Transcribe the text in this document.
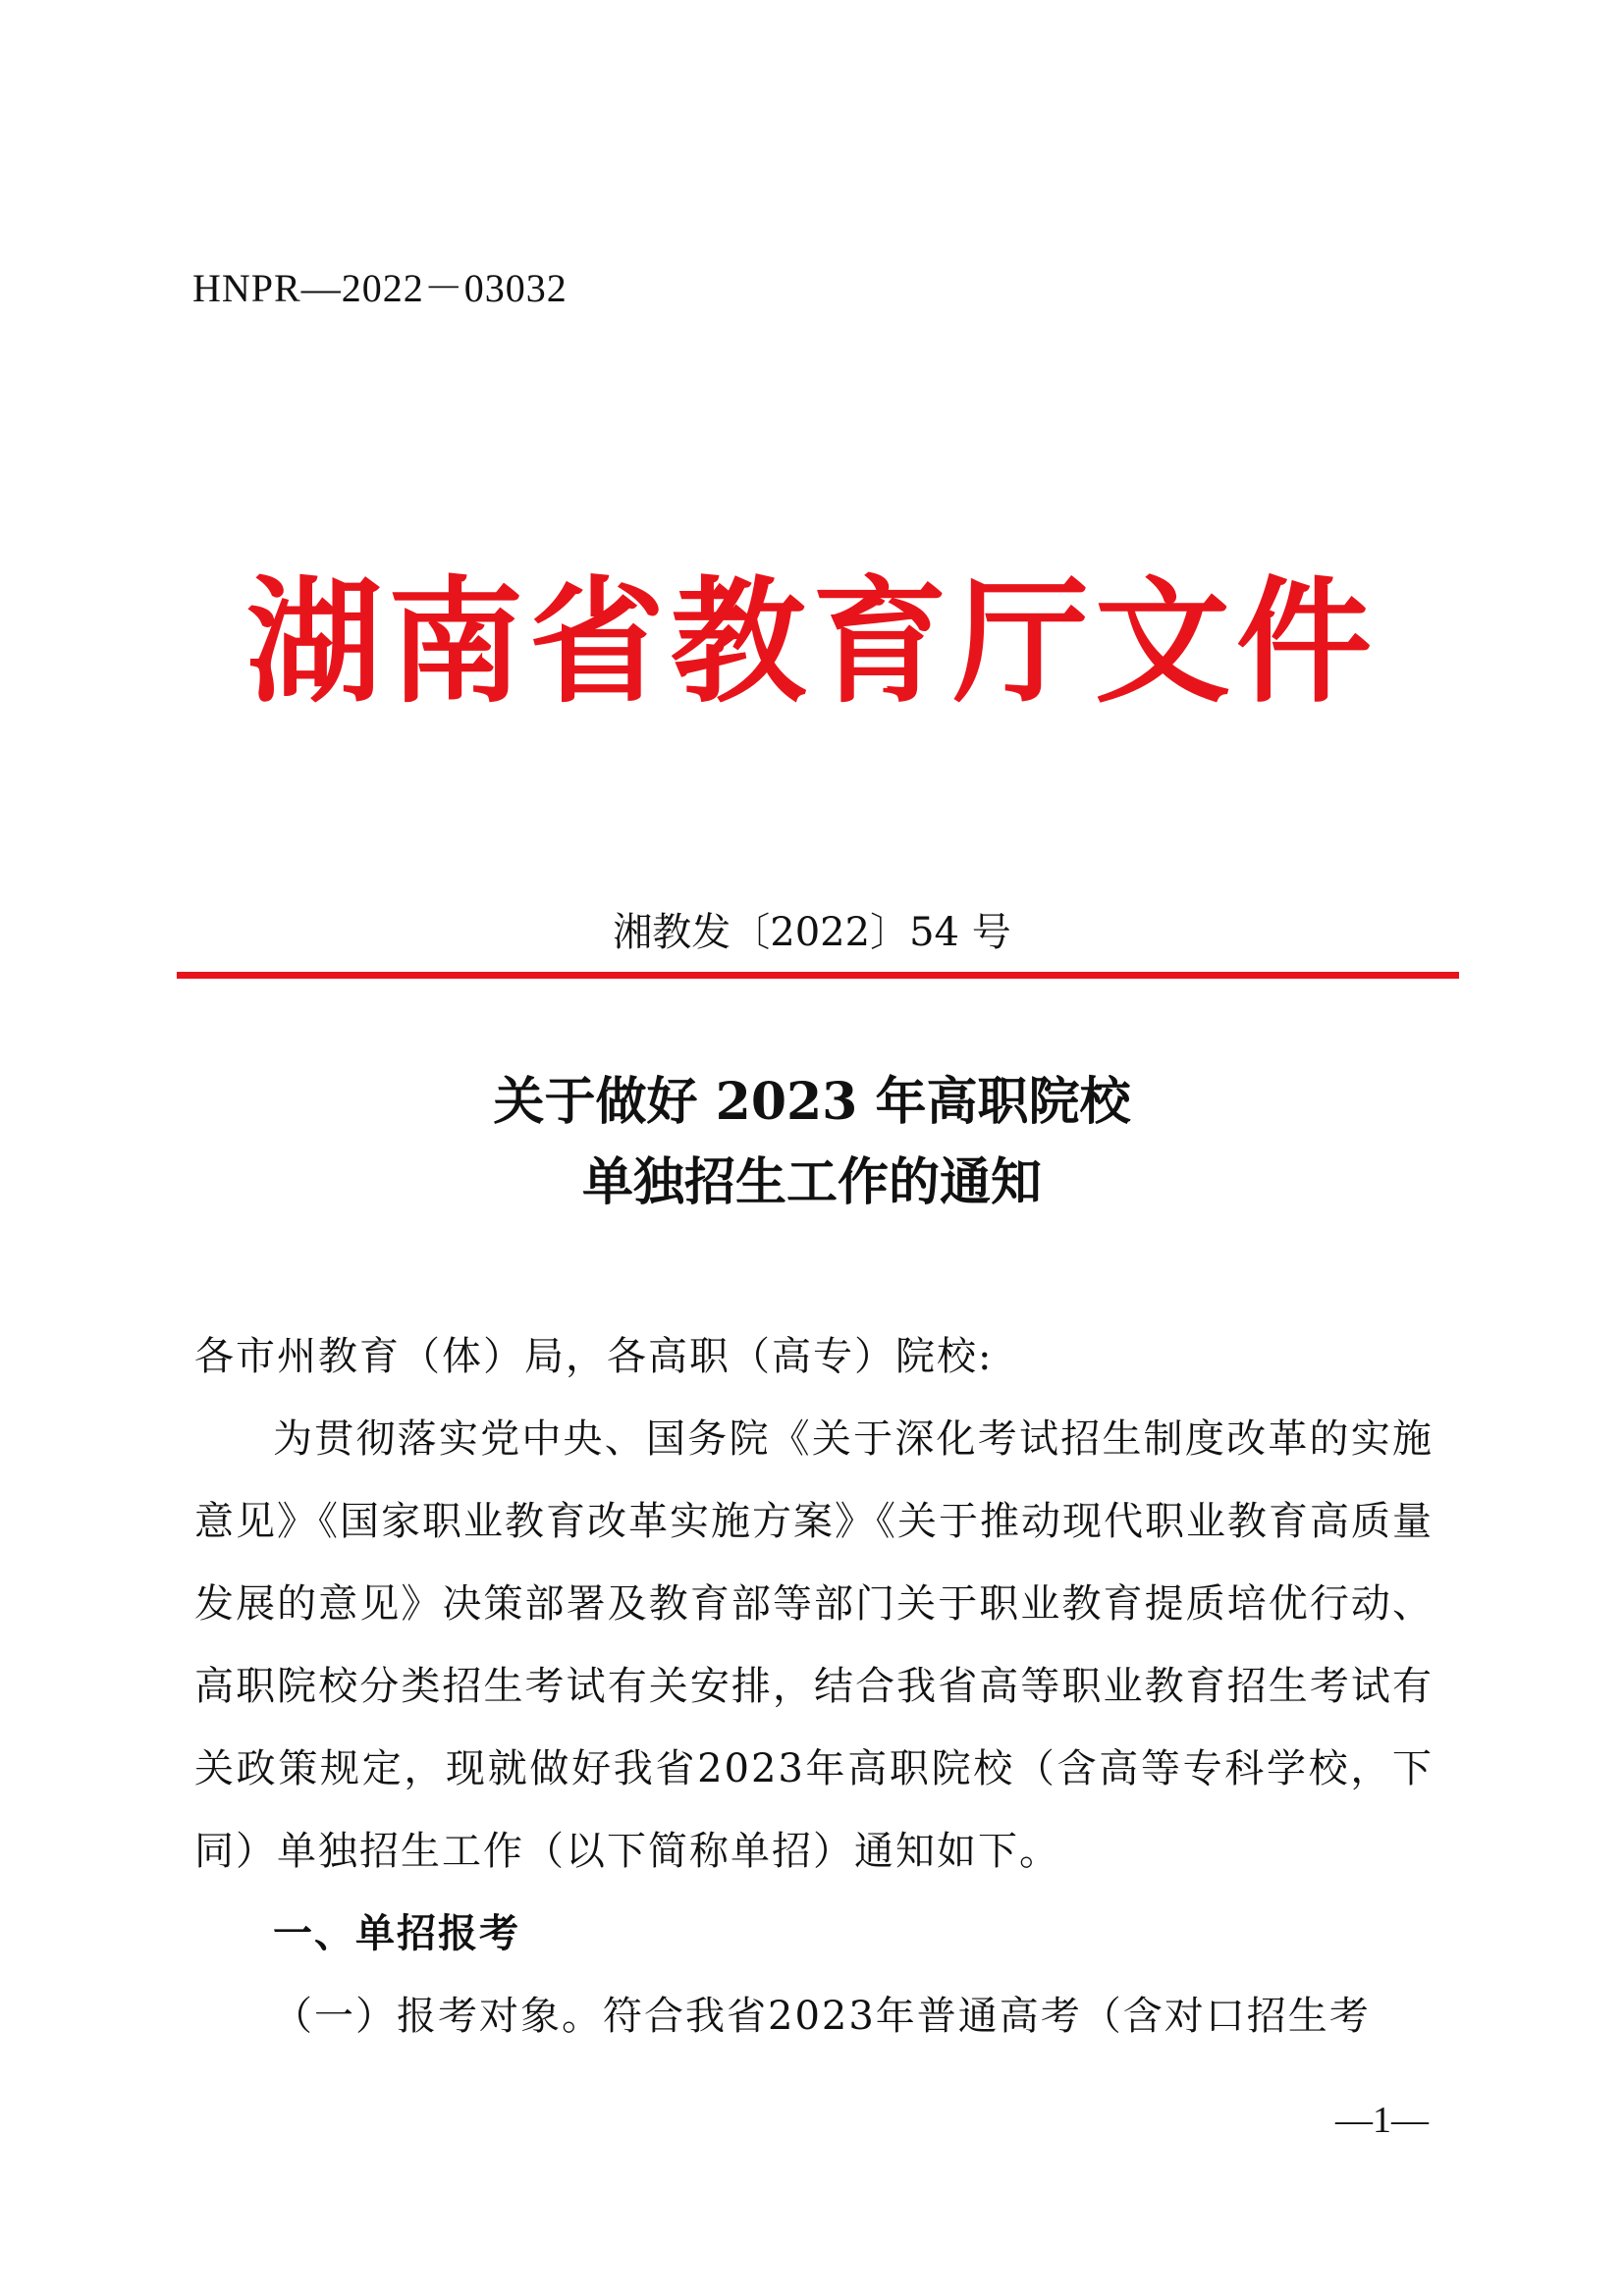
HNPR—2022－03032
湖南省教育厅文件
湘教发〔2022〕54 号
关于做好 2023 年高职院校
单独招生工作的通知
各市州教育（体）局，各高职（高专）院校:
为贯彻落实党中央、国务院《关于深化考试招生制度改革的实施意见》《国家职业教育改革实施方案》《关于推动现代职业教育高质量发展的意见》决策部署及教育部等部门关于职业教育提质培优行动、高职院校分类招生考试有关安排，结合我省高等职业教育招生考试有关政策规定，现就做好我省2023年高职院校（含高等专科学校，下同）单独招生工作（以下简称单招）通知如下。
一、单招报考
（一）报考对象。符合我省2023年普通高考（含对口招生考
—1—
